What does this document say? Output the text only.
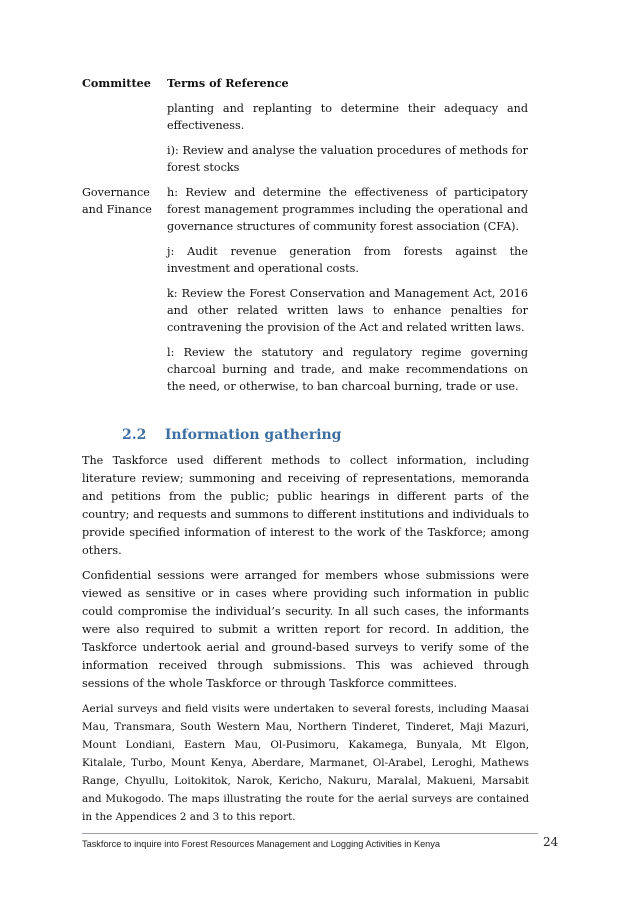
Committee	Terms of Reference

planting and replanting to determine their adequacy and effectiveness.

i): Review and analyse the valuation procedures of methods for forest stocks

Governance and Finance

h: Review and determine the effectiveness of participatory forest management programmes including the operational and governance structures of community forest association (CFA).

j: Audit revenue generation from forests against the investment and operational costs.

k: Review the Forest Conservation and Management Act, 2016 and other related written laws to enhance penalties for contravening the provision of the Act and related written laws.

l: Review the statutory and regulatory regime governing charcoal burning and trade, and make recommendations on the need, or otherwise, to ban charcoal burning, trade or use.

2.2 Information gathering

The Taskforce used different methods to collect information, including literature review; summoning and receiving of representations, memoranda and petitions from the public; public hearings in different parts of the country; and requests and summons to different institutions and individuals to provide specified information of interest to the work of the Taskforce; among others.

Confidential sessions were arranged for members whose submissions were viewed as sensitive or in cases where providing such information in public could compromise the individual’s security. In all such cases, the informants were also required to submit a written report for record. In addition, the Taskforce undertook aerial and ground-based surveys to verify some of the information received through submissions. This was achieved through sessions of the whole Taskforce or through Taskforce committees.

Aerial surveys and field visits were undertaken to several forests, including Maasai Mau, Transmara, South Western Mau, Northern Tinderet, Tinderet, Maji Mazuri, Mount Londiani, Eastern Mau, Ol-Pusimoru, Kakamega, Bunyala, Mt Elgon, Kitalale, Turbo, Mount Kenya, Aberdare, Marmanet, Ol-Arabel, Leroghi, Mathews Range, Chyullu, Loitokitok, Narok, Kericho, Nakuru, Maralal, Makueni, Marsabit and Mukogodo. The maps illustrating the route for the aerial surveys are contained in the Appendices 2 and 3 to this report.

Taskforce to inquire into Forest Resources Management and Logging Activities in Kenya	24
